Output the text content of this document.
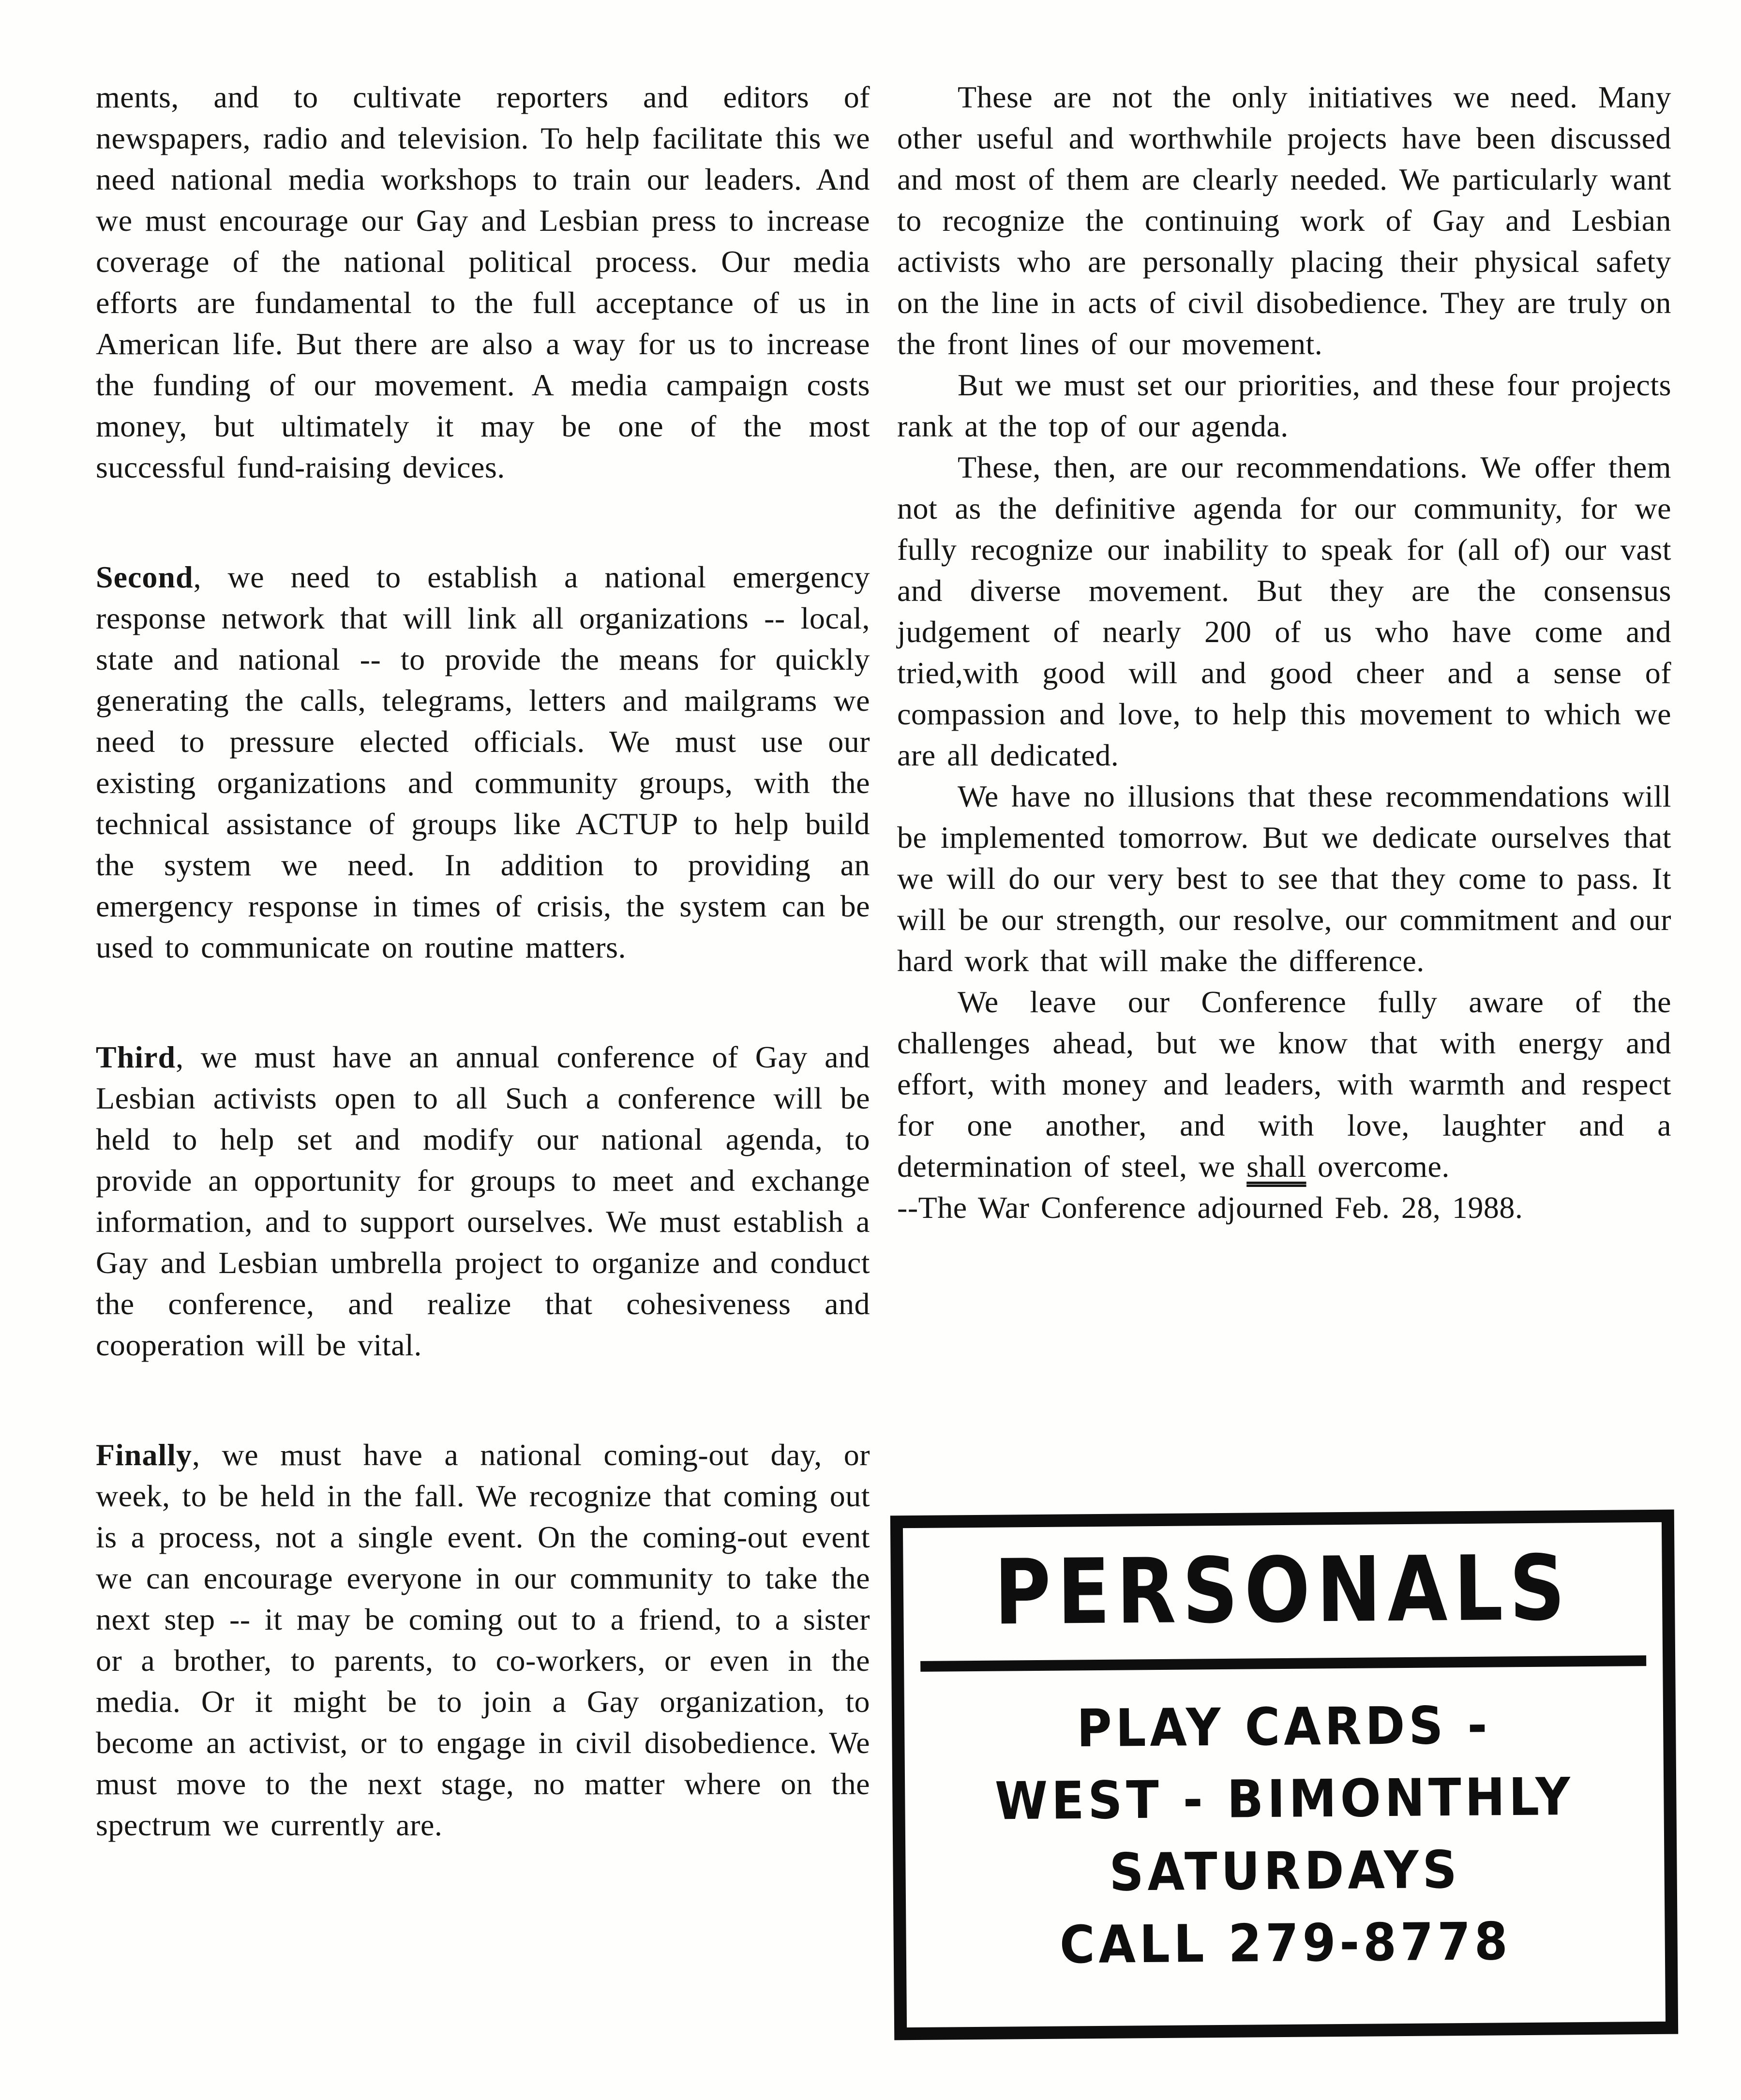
ments, and to cultivate reporters and editors of newspapers, radio and television. To help facilitate this we need national media workshops to train our leaders. And we must encourage our Gay and Lesbian press to increase coverage of the national political process. Our media efforts are fundamental to the full acceptance of us in American life. But there are also a way for us to increase the funding of our movement. A media campaign costs money, but ultimately it may be one of the most successful fund-raising devices.

Second, we need to establish a national emergency response network that will link all organizations -- local, state and national -- to provide the means for quickly generating the calls, telegrams, letters and mailgrams we need to pressure elected officials. We must use our existing organizations and community groups, with the technical assistance of groups like ACTUP to help build the system we need. In addition to providing an emergency response in times of crisis, the system can be used to communicate on routine matters.

Third, we must have an annual conference of Gay and Lesbian activists open to all Such a conference will be held to help set and modify our national agenda, to provide an opportunity for groups to meet and exchange information, and to support ourselves. We must establish a Gay and Lesbian umbrella project to organize and conduct the conference, and realize that cohesiveness and cooperation will be vital.

Finally, we must have a national coming-out day, or week, to be held in the fall. We recognize that coming out is a process, not a single event. On the coming-out event we can encourage everyone in our community to take the next step -- it may be coming out to a friend, to a sister or a brother, to parents, to co-workers, or even in the media. Or it might be to join a Gay organization, to become an activist, or to engage in civil disobedience. We must move to the next stage, no matter where on the spectrum we currently are.

These are not the only initiatives we need. Many other useful and worthwhile projects have been discussed and most of them are clearly needed. We particularly want to recognize the continuing work of Gay and Lesbian activists who are personally placing their physical safety on the line in acts of civil disobedience. They are truly on the front lines of our movement.

But we must set our priorities, and these four projects rank at the top of our agenda.

These, then, are our recommendations. We offer them not as the definitive agenda for our community, for we fully recognize our inability to speak for (all of) our vast and diverse movement. But they are the consensus judgement of nearly 200 of us who have come and tried,with good will and good cheer and a sense of compassion and love, to help this movement to which we are all dedicated.

We have no illusions that these recommendations will be implemented tomorrow. But we dedicate ourselves that we will do our very best to see that they come to pass. It will be our strength, our resolve, our commitment and our hard work that will make the difference.

We leave our Conference fully aware of the challenges ahead, but we know that with energy and effort, with money and leaders, with warmth and respect for one another, and with love, laughter and a determination of steel, we shall overcome.

--The War Conference adjourned Feb. 28, 1988.

PERSONALS
PLAY CARDS -
WEST - BIMONTHLY
SATURDAYS
CALL 279-8778
